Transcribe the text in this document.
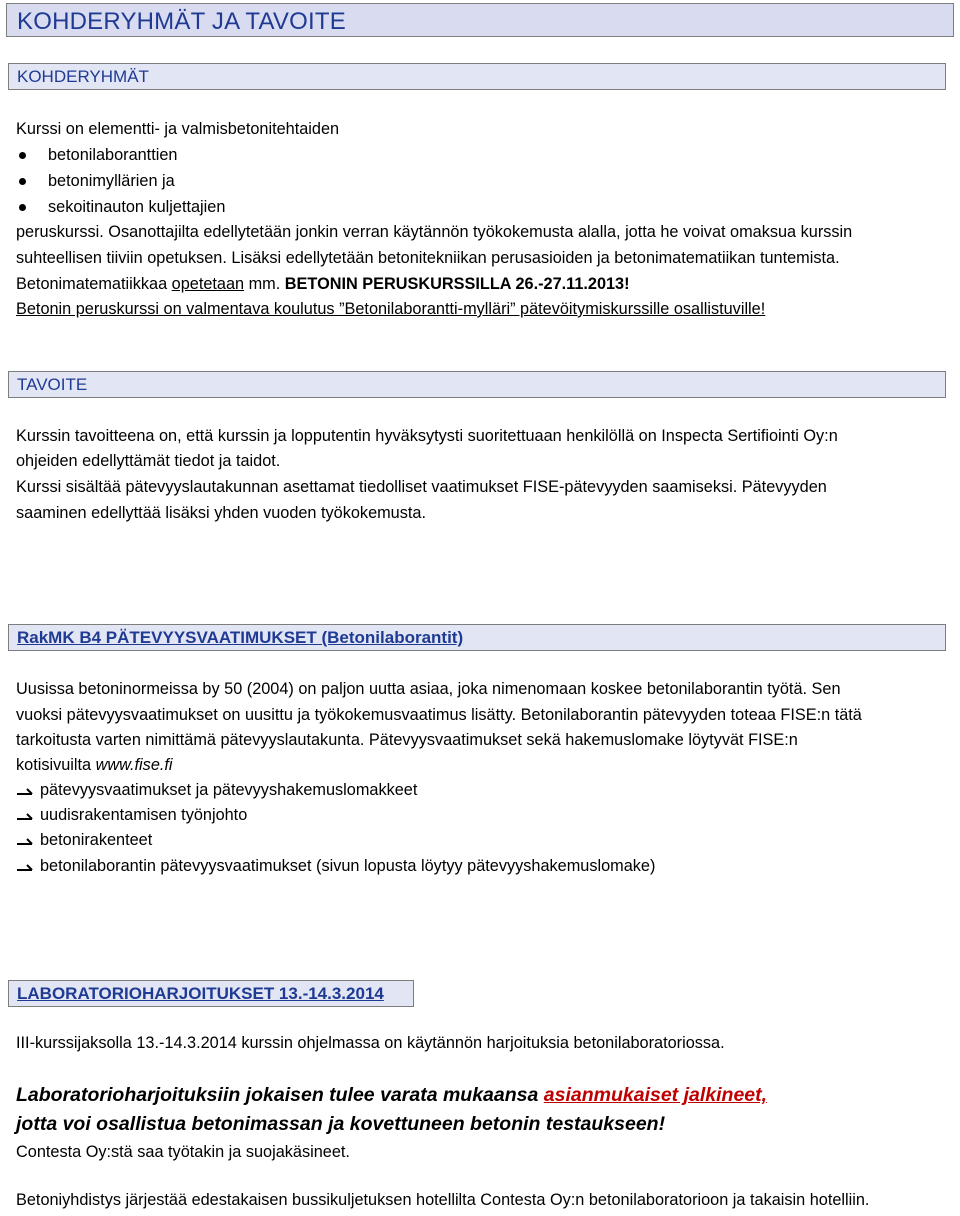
KOHDERYHMÄT JA TAVOITE
KOHDERYHMÄT
Kurssi on elementti- ja valmisbetonitehtaiden
betonilaboranttien
betonimyllärien ja
sekoitinauton kuljettajien
peruskurssi. Osanottajilta edellytetään jonkin verran käytännön työkokemusta alalla, jotta he voivat omaksua kurssin
suhteellisen tiiviin opetuksen. Lisäksi edellytetään betonitekniikan perusasioiden ja betonimatematiikan tuntemista.
Betonimatematiikkaa opetetaan mm. BETONIN PERUSKURSSILLA 26.-27.11.2013!
Betonin peruskurssi on valmentava koulutus ”Betonilaborantti-mylläri” pätevöitymiskurssille osallistuville!
TAVOITE
Kurssin tavoitteena on, että kurssin ja lopputentin hyväksytysti suoritettuaan henkilöllä on Inspecta Sertifiointi Oy:n
ohjeiden edellyttämät tiedot ja taidot.
Kurssi sisältää pätevyyslautakunnan asettamat tiedolliset vaatimukset FISE-pätevyyden saamiseksi. Pätevyyden
saaminen edellyttää lisäksi yhden vuoden työkokemusta.
RakMK B4 PÄTEVYYSVAATIMUKSET (Betonilaborantit)
Uusissa betoninormeissa by 50 (2004) on paljon uutta asiaa, joka nimenomaan koskee betonilaborantin työtä. Sen
vuoksi pätevyysvaatimukset on uusittu ja työkokemusvaatimus lisätty. Betonilaborantin pätevyyden toteaa FISE:n tätä
tarkoitusta varten nimittämä pätevyyslautakunta. Pätevyysvaatimukset sekä hakemuslomake löytyvät FISE:n
kotisivuilta www.fise.fi
pätevyysvaatimukset ja pätevyyshakemuslomakkeet
uudisrakentamisen työnjohto
betonirakenteet
betonilaborantin pätevyysvaatimukset (sivun lopusta löytyy pätevyyshakemuslomake)
LABORATORIOHARJOITUKSET 13.-14.3.2014
III-kurssijaksolla 13.-14.3.2014 kurssin ohjelmassa on käytännön harjoituksia betonilaboratoriossa.
Laboratorioharjoituksiin jokaisen tulee varata mukaansa asianmukaiset jalkineet,
jotta voi osallistua betonimassan ja kovettuneen betonin testaukseen!
Contesta Oy:stä saa työtakin ja suojakäsineet.
Betoniyhdistys järjestää edestakaisen bussikuljetuksen hotellilta Contesta Oy:n betonilaboratorioon ja takaisin hotelliin.
